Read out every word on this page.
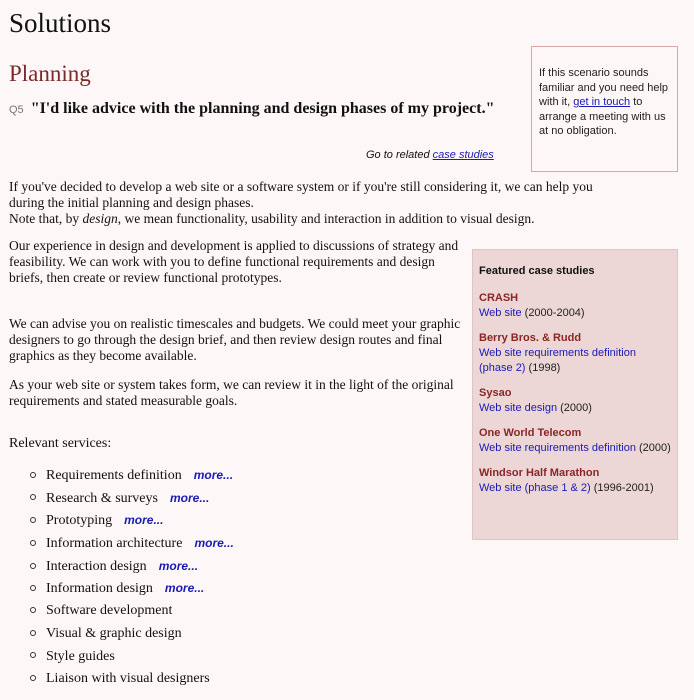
Solutions
Planning

Q5 "I'd like advice with the planning and design phases of my project."

Go to related case studies
If you've decided to develop a web site or a software system or if you're still considering it, we can help you during the initial planning and design phases.
Note that, by design, we mean functionality, usability and interaction in addition to visual design.

Our experience in design and development is applied to discussions of strategy and feasibility. We can work with you to define functional requirements and design briefs, then create or review functional prototypes.

We can advise you on realistic timescales and budgets. We could meet your graphic designers to go through the design brief, and then review design routes and final graphics as they become available.

As your web site or system takes form, we can review it in the light of the original requirements and stated measurable goals.

Relevant services:

Requirements definition more...
Research & surveys more...
Prototyping more...
Information architecture more...
Interaction design more...
Information design more...
Software development
Visual & graphic design
Style guides
Liaison with visual designers
If this scenario sounds familiar and you need help with it, get in touch to arrange a meeting with us at no obligation.

Featured case studies

CRASH

Web site (2000-2004)

Berry Bros. & Rudd

Web site requirements definition (phase 2) (1998)

Sysao

Web site design (2000)

One World Telecom

Web site requirements definition (2000)

Windsor Half Marathon

Web site (phase 1 & 2) (1996-2001)
